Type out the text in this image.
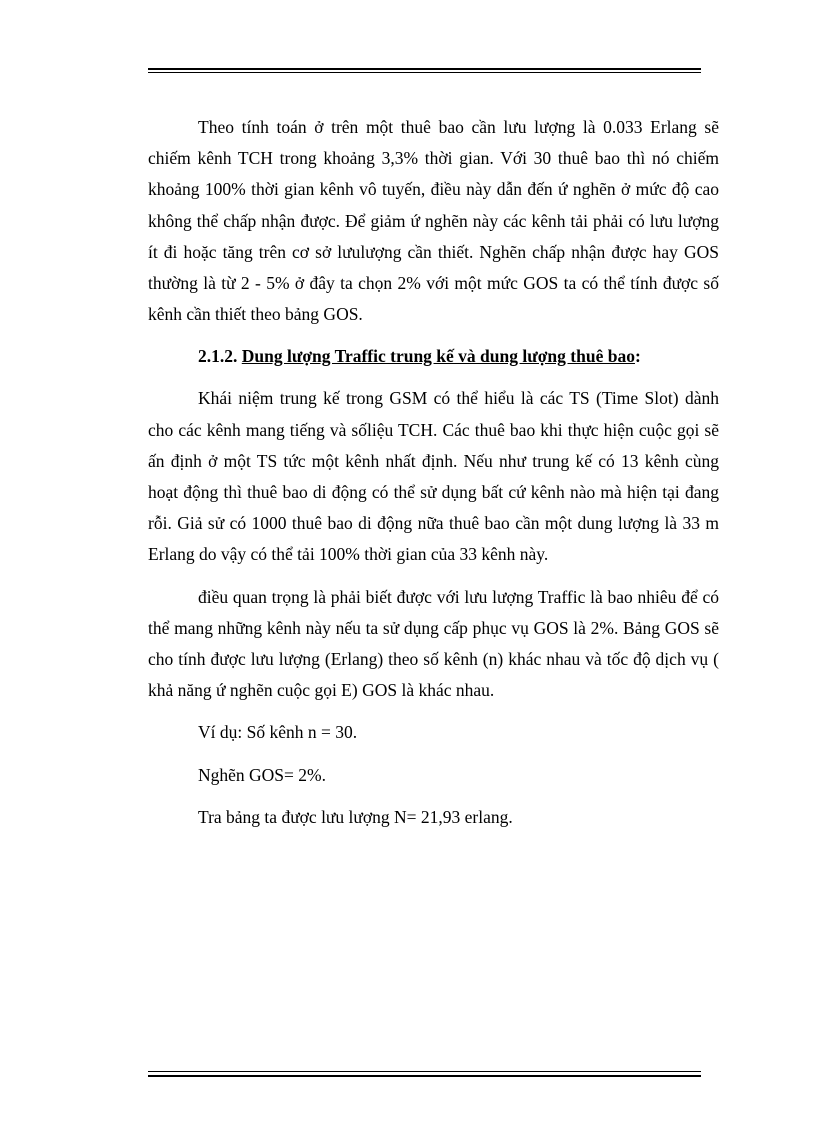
Theo tính toán ở trên một thuê bao cần lưu lượng là 0.033 Erlang sẽ chiếm kênh TCH trong khoảng 3,3% thời gian. Với 30 thuê bao thì nó chiếm khoảng 100% thời gian kênh vô tuyến, điều này dẫn đến ứ nghẽn ở mức độ cao không thể chấp nhận được. Để giảm ứ nghẽn này các kênh tải phải có lưu lượng ít đi hoặc tăng trên cơ sở lưulượng cần thiết. Nghẽn chấp nhận được hay GOS thường là từ 2 - 5% ở đây ta chọn 2% với một mức GOS ta có thể tính được số kênh cần thiết theo bảng GOS.

2.1.2. Dung lượng Traffic trung kế và dung lượng thuê bao:

Khái niệm trung kế trong GSM có thể hiểu là các TS (Time Slot) dành cho các kênh mang tiếng và sốliệu TCH. Các thuê bao khi thực hiện cuộc gọi sẽ ấn định ở một TS tức một kênh nhất định. Nếu như trung kế có 13 kênh cùng hoạt động thì thuê bao di động có thể sử dụng bất cứ kênh nào mà hiện tại đang rỗi. Giả sử có 1000 thuê bao di động nữa thuê bao cần một dung lượng là 33 m Erlang do vậy có thể tải 100% thời gian của 33 kênh này.

điều quan trọng là phải biết được với lưu lượng Traffic là bao nhiêu để có thể mang những kênh này nếu ta sử dụng cấp phục vụ GOS là 2%. Bảng GOS sẽ cho tính được lưu lượng (Erlang) theo số kênh (n) khác nhau và tốc độ dịch vụ ( khả năng ứ nghẽn cuộc gọi E) GOS là khác nhau.

Ví dụ: Số kênh n = 30.

Nghẽn GOS= 2%.

Tra bảng ta được lưu lượng N= 21,93 erlang.
